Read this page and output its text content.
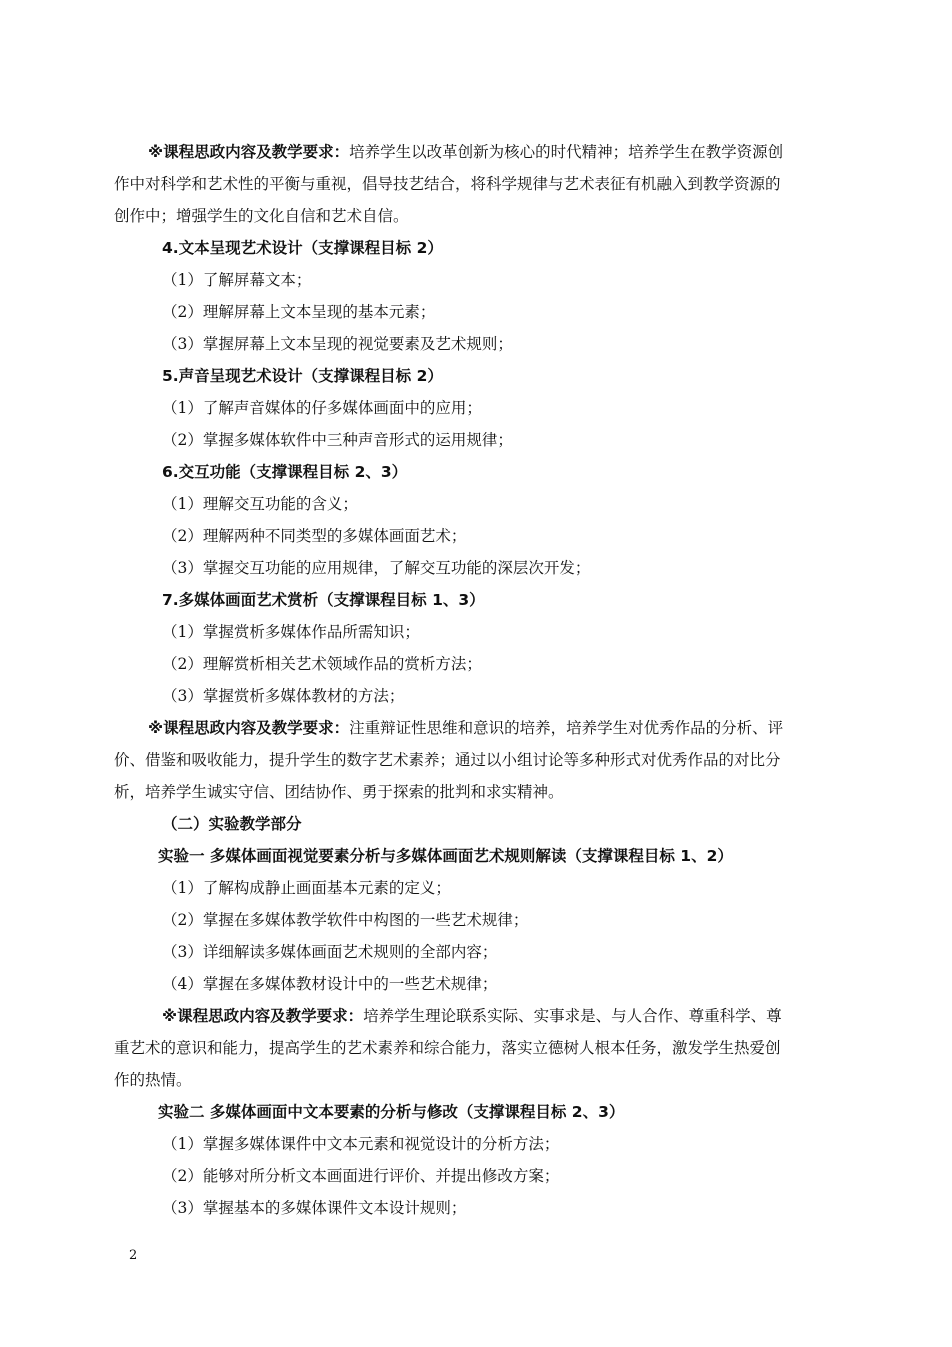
※课程思政内容及教学要求：培养学生以改革创新为核心的时代精神；培养学生在教学资源创
作中对科学和艺术性的平衡与重视，倡导技艺结合，将科学规律与艺术表征有机融入到教学资源的
创作中；增强学生的文化自信和艺术自信。
4.文本呈现艺术设计（支撑课程目标 2）
（1）了解屏幕文本；
（2）理解屏幕上文本呈现的基本元素；
（3）掌握屏幕上文本呈现的视觉要素及艺术规则；
5.声音呈现艺术设计（支撑课程目标 2）
（1）了解声音媒体的仔多媒体画面中的应用；
（2）掌握多媒体软件中三种声音形式的运用规律；
6.交互功能（支撑课程目标 2、3）
（1）理解交互功能的含义；
（2）理解两种不同类型的多媒体画面艺术；
（3）掌握交互功能的应用规律，了解交互功能的深层次开发；
7.多媒体画面艺术赏析（支撑课程目标 1、3）
（1）掌握赏析多媒体作品所需知识；
（2）理解赏析相关艺术领域作品的赏析方法；
（3）掌握赏析多媒体教材的方法；
※课程思政内容及教学要求：注重辩证性思维和意识的培养，培养学生对优秀作品的分析、评
价、借鉴和吸收能力，提升学生的数字艺术素养；通过以小组讨论等多种形式对优秀作品的对比分
析，培养学生诚实守信、团结协作、勇于探索的批判和求实精神。
（二）实验教学部分
实验一 多媒体画面视觉要素分析与多媒体画面艺术规则解读（支撑课程目标 1、2）
（1）了解构成静止画面基本元素的定义；
（2）掌握在多媒体教学软件中构图的一些艺术规律；
（3）详细解读多媒体画面艺术规则的全部内容；
（4）掌握在多媒体教材设计中的一些艺术规律；
※课程思政内容及教学要求：培养学生理论联系实际、实事求是、与人合作、尊重科学、尊
重艺术的意识和能力，提高学生的艺术素养和综合能力，落实立德树人根本任务，激发学生热爱创
作的热情。
实验二 多媒体画面中文本要素的分析与修改（支撑课程目标 2、3）
（1）掌握多媒体课件中文本元素和视觉设计的分析方法；
（2）能够对所分析文本画面进行评价、并提出修改方案；
（3）掌握基本的多媒体课件文本设计规则；
2
